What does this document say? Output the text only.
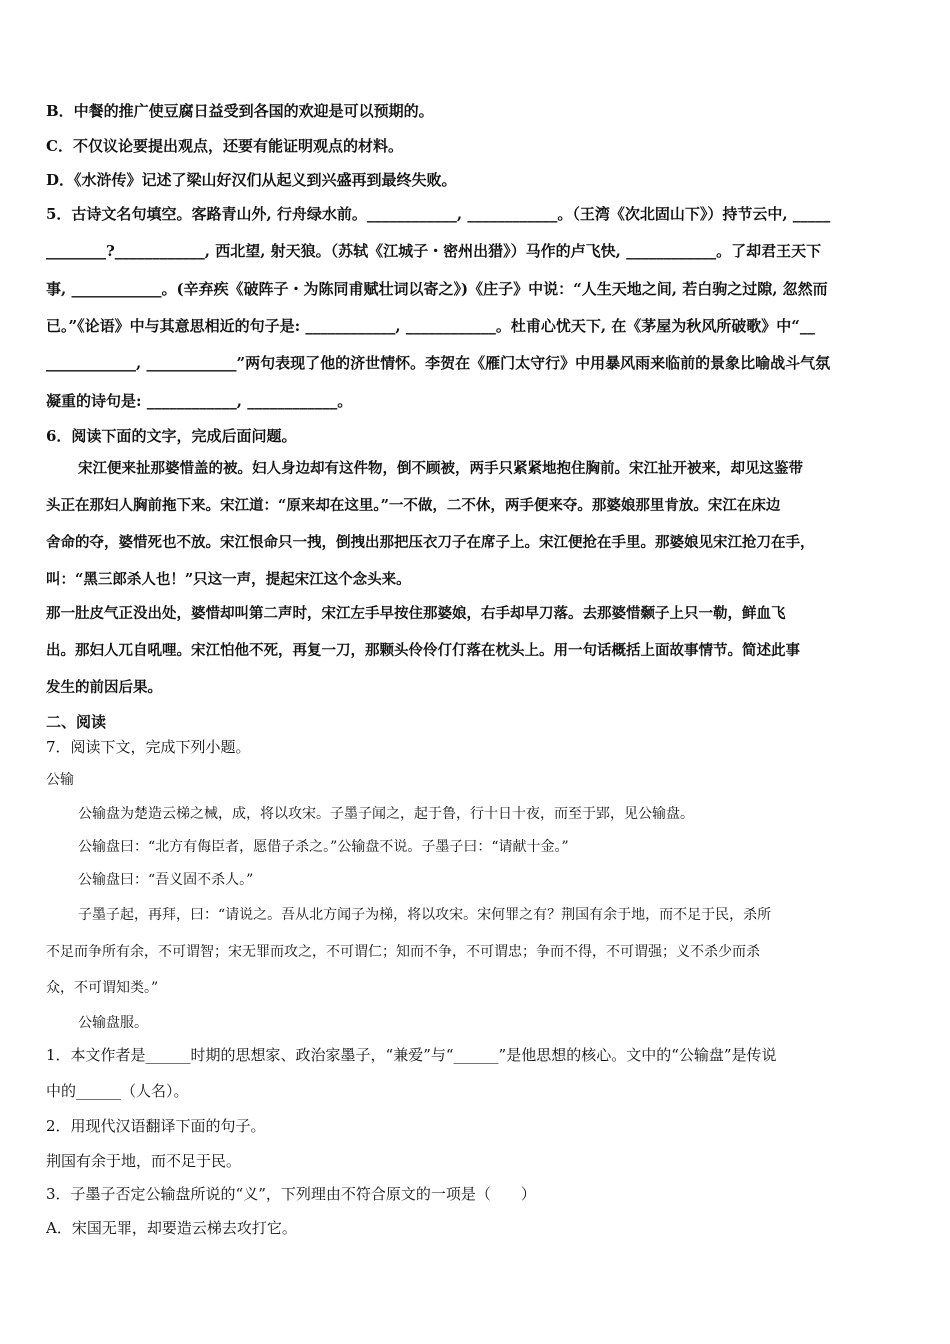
B．中餐的推广使豆腐日益受到各国的欢迎是可以预期的。
C．不仅议论要提出观点，还要有能证明观点的材料。
D．《水浒传》记述了梁山好汉们从起义到兴盛再到最终失败。
5．古诗文名句填空。客路青山外, 行舟绿水前。____________, ____________。（王湾《次北固山下》）持节云中, _____
________?____________, 西北望, 射天狼。（苏轼《江城子・密州出猎》）马作的卢飞快, ____________。了却君王天下
事, ____________。(辛弃疾《破阵子・为陈同甫赋壮词以寄之》)《庄子》中说：“人生天地之间, 若白驹之过隙, 忽然而
已。”《论语》中与其意思相近的句子是: ____________, ____________。杜甫心忧天下, 在《茅屋为秋风所破歌》中“__
____________, ____________”两句表现了他的济世情怀。李贺在《雁门太守行》中用暴风雨来临前的景象比喻战斗气氛
凝重的诗句是: ____________, ____________。
6．阅读下面的文字，完成后面问题。
宋江便来扯那婆惜盖的被。妇人身边却有这件物，倒不顾被，两手只紧紧地抱住胸前。宋江扯开被来，却见这鉴带
头正在那妇人胸前拖下来。宋江道：“原来却在这里。”一不做，二不休，两手便来夺。那婆娘那里肯放。宋江在床边
舍命的夺，婆惜死也不放。宋江恨命只一拽，倒拽出那把压衣刀子在席子上。宋江便抢在手里。那婆娘见宋江抢刀在手，
叫：“黑三郎杀人也！”只这一声，提起宋江这个念头来。
那一肚皮气正没出处，婆惜却叫第二声时，宋江左手早按住那婆娘，右手却早刀落。去那婆惜颡子上只一勒，鲜血飞
出。那妇人兀自吼哩。宋江怕他不死，再复一刀，那颗头伶伶仃仃落在枕头上。用一句话概括上面故事情节。简述此事
发生的前因后果。
二、阅读
7．阅读下文，完成下列小题。
公输
公输盘为楚造云梯之械，成，将以攻宋。子墨子闻之，起于鲁，行十日十夜，而至于郢，见公输盘。
公输盘曰：“北方有侮臣者，愿借子杀之。”公输盘不说。子墨子曰：“请献十金。”
公输盘曰：“吾义固不杀人。”
子墨子起，再拜，曰：“请说之。吾从北方闻子为梯，将以攻宋。宋何罪之有？荆国有余于地，而不足于民，杀所
不足而争所有余，不可谓智；宋无罪而攻之，不可谓仁；知而不争，不可谓忠；争而不得，不可谓强；义不杀少而杀
众，不可谓知类。”
公输盘服。
1．本文作者是______时期的思想家、政治家墨子，“兼爱”与“______”是他思想的核心。文中的“公输盘”是传说
中的______（人名）。
2．用现代汉语翻译下面的句子。
荆国有余于地，而不足于民。
3．子墨子否定公输盘所说的“义”，下列理由不符合原文的一项是（　　）
A．宋国无罪，却要造云梯去攻打它。
